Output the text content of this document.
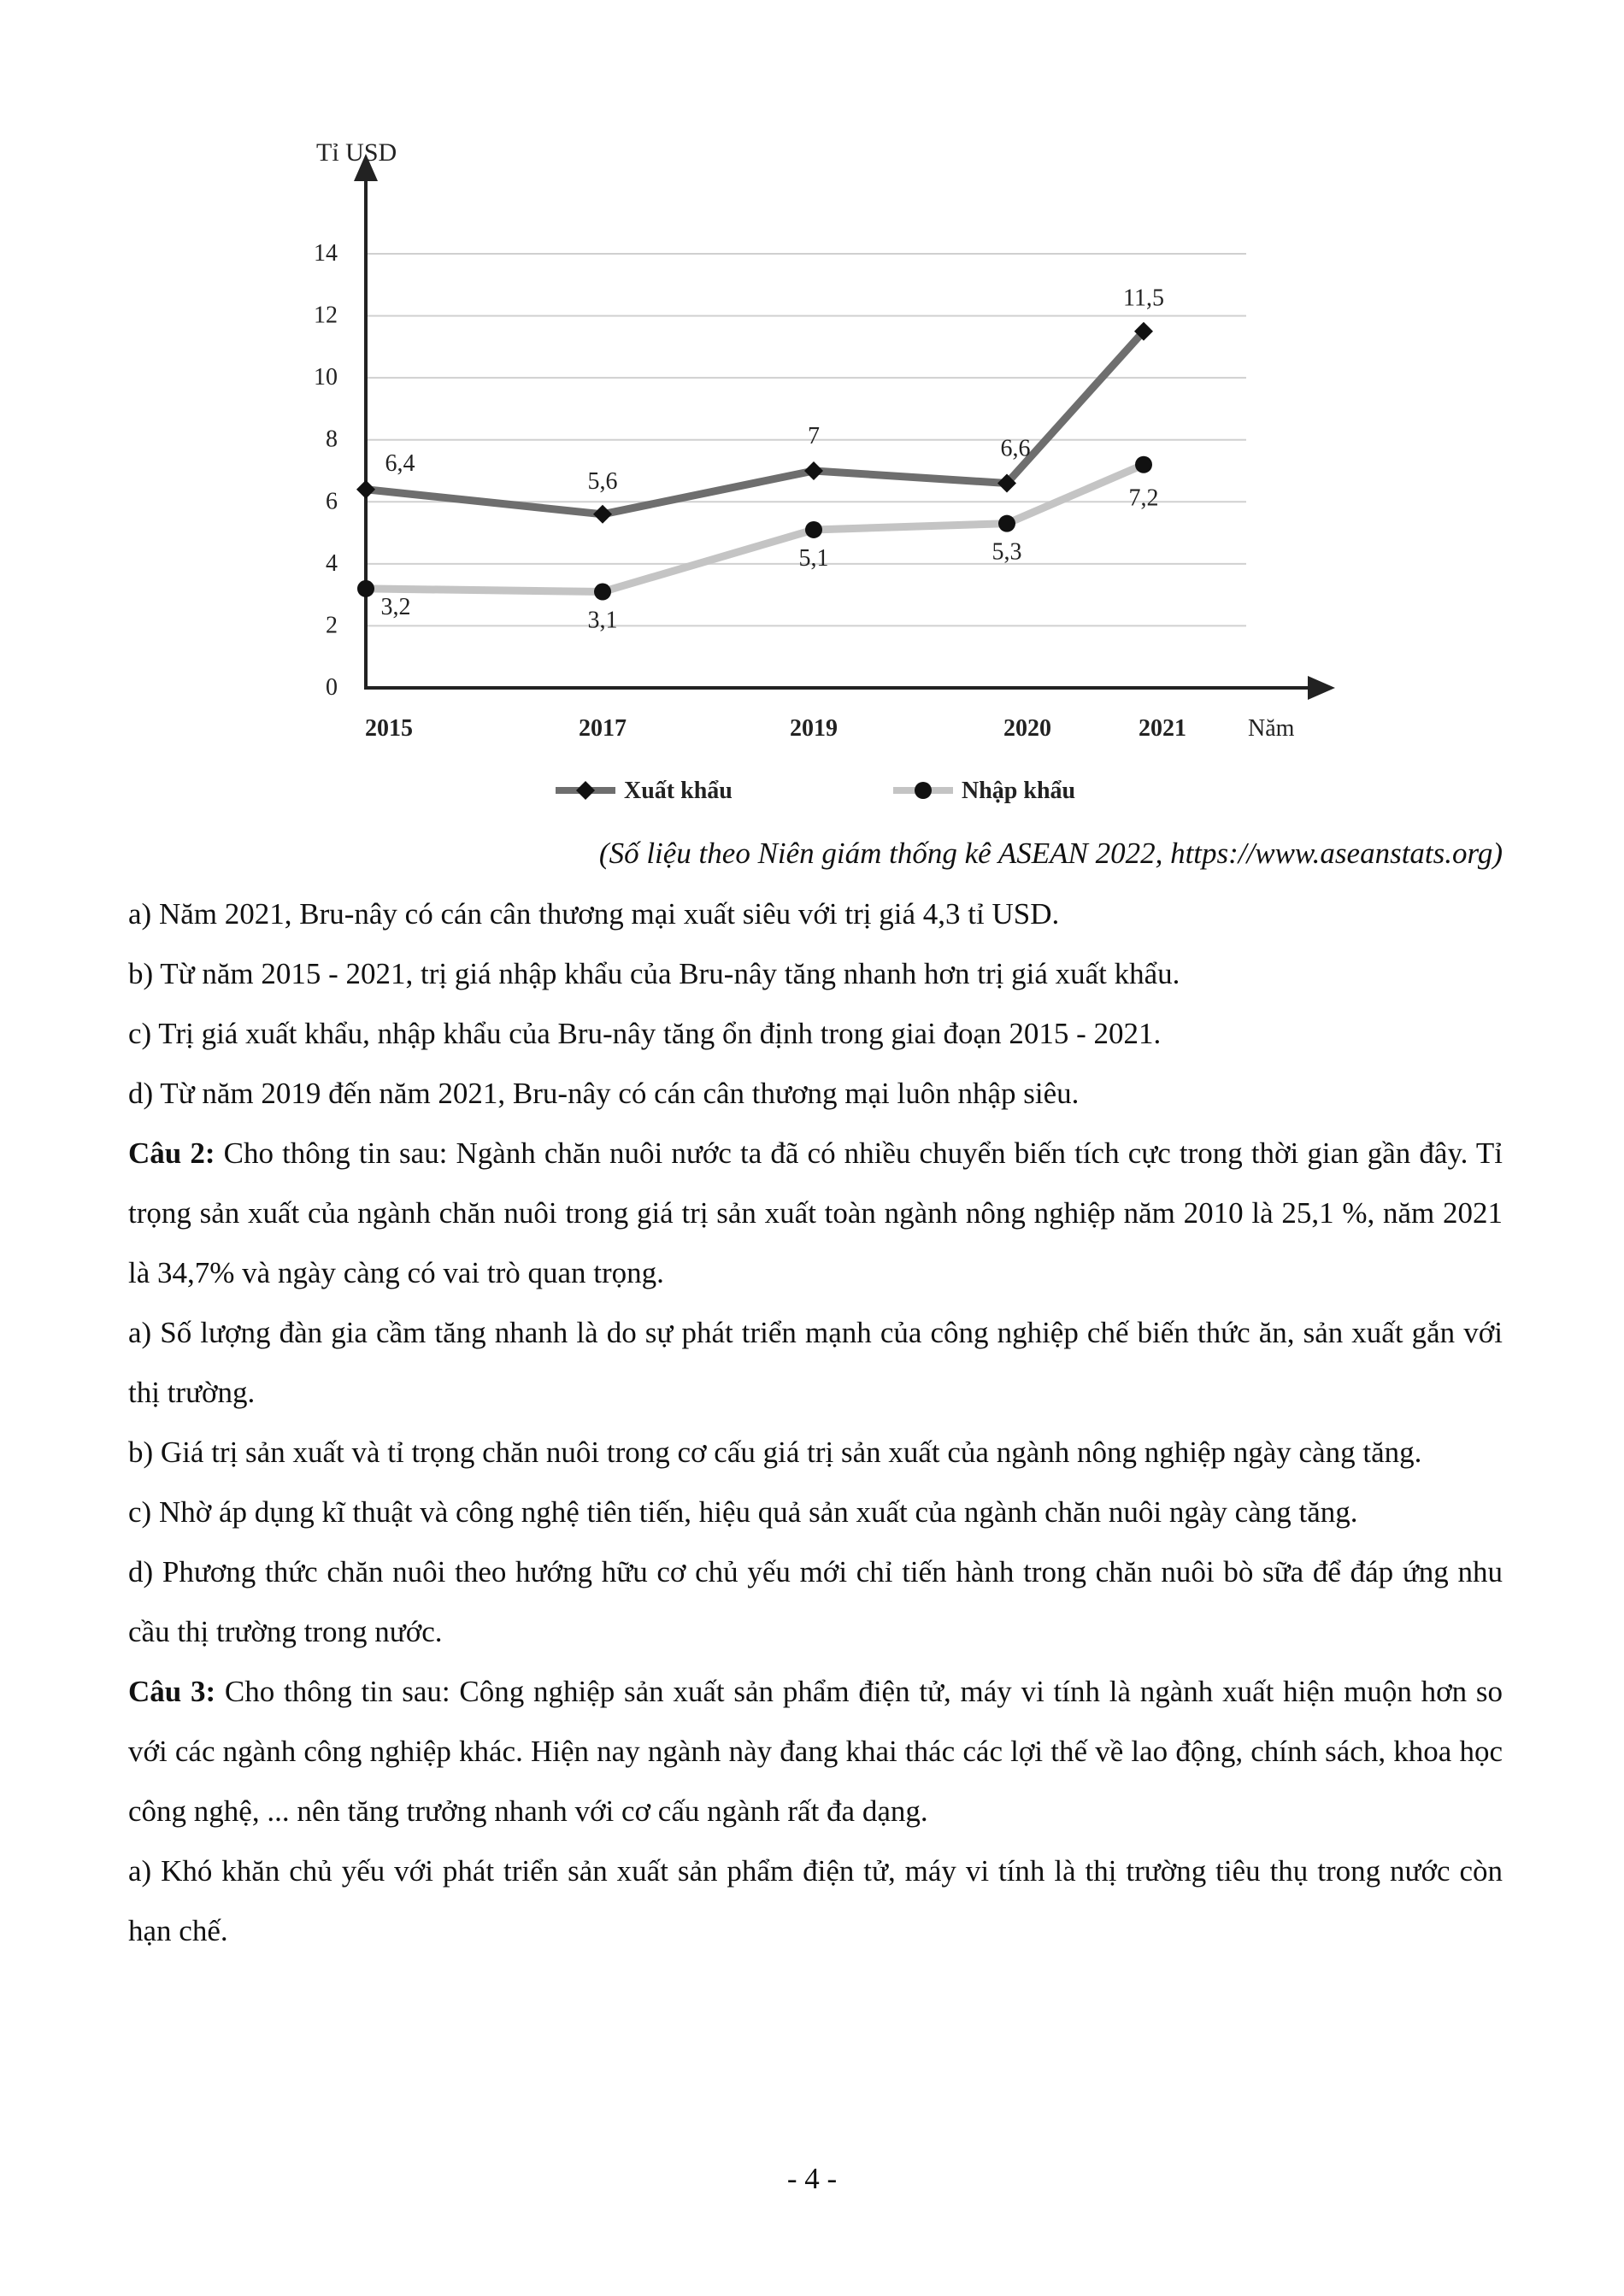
0
2
4
6
8
10
12
14
Tỉ USD
Năm
2015	2017	2019	2020	2021
6,4
5,6
7	6,6
11,5
3,2
3,1
5,1	5,3
7,2
Xuất khẩu	Nhập khẩu
(Số liệu theo Niên giám thống kê ASEAN 2022, https://www.aseanstats.org)

a) Năm 2021, Bru-nây có cán cân thương mại xuất siêu với trị giá 4,3 tỉ USD.

b) Từ năm 2015 - 2021, trị giá nhập khẩu của Bru-nây tăng nhanh hơn trị giá xuất khẩu.

c) Trị giá xuất khẩu, nhập khẩu của Bru-nây tăng ổn định trong giai đoạn 2015 - 2021.

d) Từ năm 2019 đến năm 2021, Bru-nây có cán cân thương mại luôn nhập siêu.

Câu 2: Cho thông tin sau: Ngành chăn nuôi nước ta đã có nhiều chuyển biến tích cực trong thời gian gần đây. Tỉ trọng sản xuất của ngành chăn nuôi trong giá trị sản xuất toàn ngành nông nghiệp năm 2010 là 25,1 %, năm 2021 là 34,7% và ngày càng có vai trò quan trọng.

a) Số lượng đàn gia cầm tăng nhanh là do sự phát triển mạnh của công nghiệp chế biến thức ăn, sản xuất gắn với thị trường.

b) Giá trị sản xuất và tỉ trọng chăn nuôi trong cơ cấu giá trị sản xuất của ngành nông nghiệp ngày càng tăng.

c) Nhờ áp dụng kĩ thuật và công nghệ tiên tiến, hiệu quả sản xuất của ngành chăn nuôi ngày càng tăng.

d) Phương thức chăn nuôi theo hướng hữu cơ chủ yếu mới chỉ tiến hành trong chăn nuôi bò sữa để đáp ứng nhu cầu thị trường trong nước.

Câu 3: Cho thông tin sau: Công nghiệp sản xuất sản phẩm điện tử, máy vi tính là ngành xuất hiện muộn hơn so với các ngành công nghiệp khác. Hiện nay ngành này đang khai thác các lợi thế về lao động, chính sách, khoa học công nghệ, ... nên tăng trưởng nhanh với cơ cấu ngành rất đa dạng.

a) Khó khăn chủ yếu với phát triển sản xuất sản phẩm điện tử, máy vi tính là thị trường tiêu thụ trong nước còn hạn chế.

- 4 -
